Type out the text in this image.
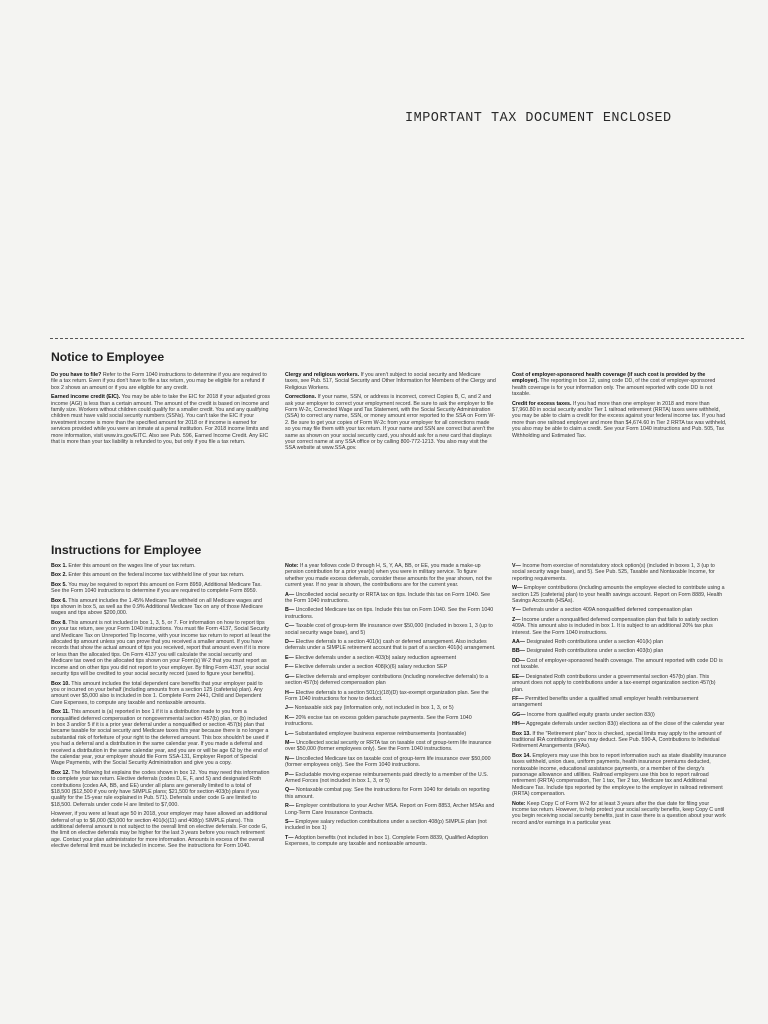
IMPORTANT TAX DOCUMENT ENCLOSED
Notice to Employee

Do you have to file? Refer to the Form 1040 instructions to determine if you are required to file a tax return. Even if you don't have to file a tax return, you may be eligible for a refund if box 2 shows an amount or if you are eligible for any credit.

Earned income credit (EIC). You may be able to take the EIC for 2018 if your adjusted gross income (AGI) is less than a certain amount. The amount of the credit is based on income and family size. Workers without children could qualify for a smaller credit. You and any qualifying children must have valid social security numbers (SSNs). You can't take the EIC if your investment income is more than the specified amount for 2018 or if income is earned for services provided while you were an inmate at a penal institution. For 2018 income limits and more information, visit www.irs.gov/EITC. Also see Pub. 596, Earned Income Credit. Any EIC that is more than your tax liability is refunded to you, but only if you file a tax return.

Clergy and religious workers. If you aren't subject to social security and Medicare taxes, see Pub. 517, Social Security and Other Information for Members of the Clergy and Religious Workers.

Corrections. If your name, SSN, or address is incorrect, correct Copies B, C, and 2 and ask your employer to correct your employment record. Be sure to ask the employer to file Form W-2c, Corrected Wage and Tax Statement, with the Social Security Administration (SSA) to correct any name, SSN, or money amount error reported to the SSA on Form W-2. Be sure to get your copies of Form W-2c from your employer for all corrections made so you may file them with your tax return. If your name and SSN are correct but aren't the same as shown on your social security card, you should ask for a new card that displays your correct name at any SSA office or by calling 800-772-1213. You also may visit the SSA website at www.SSA.gov.

Cost of employer-sponsored health coverage (if such cost is provided by the employer). The reporting in box 12, using code DD, of the cost of employer-sponsored health coverage is for your information only. The amount reported with code DD is not taxable.

Credit for excess taxes. If you had more than one employer in 2018 and more than $7,960.80 in social security and/or Tier 1 railroad retirement (RRTA) taxes were withheld, you may be able to claim a credit for the excess against your federal income tax. If you had more than one railroad employer and more than $4,674.60 in Tier 2 RRTA tax was withheld, you also may be able to claim a credit. See your Form 1040 instructions and Pub. 505, Tax Withholding and Estimated Tax.

Instructions for Employee

Box 1. Enter this amount on the wages line of your tax return.

Box 2. Enter this amount on the federal income tax withheld line of your tax return.

Box 5. You may be required to report this amount on Form 8959, Additional Medicare Tax. See the Form 1040 instructions to determine if you are required to complete Form 8959.

Box 6. This amount includes the 1.45% Medicare Tax withheld on all Medicare wages and tips shown in box 5, as well as the 0.9% Additional Medicare Tax on any of those Medicare wages and tips above $200,000.

Box 8. This amount is not included in box 1, 3, 5, or 7. For information on how to report tips on your tax return, see your Form 1040 instructions. You must file Form 4137, Social Security and Medicare Tax on Unreported Tip Income, with your income tax return to report at least the allocated tip amount unless you can prove that you received a smaller amount. If you have records that show the actual amount of tips you received, report that amount even if it is more or less than the allocated tips. On Form 4137 you will calculate the social security and Medicare tax owed on the allocated tips shown on your Form(s) W-2 that you must report as income and on other tips you did not report to your employer. By filing Form 4137, your social security tips will be credited to your social security record (used to figure your benefits).

Box 10. This amount includes the total dependent care benefits that your employer paid to you or incurred on your behalf (including amounts from a section 125 (cafeteria) plan). Any amount over $5,000 also is included in box 1. Complete Form 2441, Child and Dependent Care Expenses, to compute any taxable and nontaxable amounts.

Box 11. This amount is (a) reported in box 1 if it is a distribution made to you from a nonqualified deferred compensation or nongovernmental section 457(b) plan, or (b) included in box 3 and/or 5 if it is a prior year deferral under a nonqualified or section 457(b) plan that became taxable for social security and Medicare taxes this year because there is no longer a substantial risk of forfeiture of your right to the deferred amount. This box shouldn't be used if you had a deferral and a distribution in the same calendar year. If you made a deferral and received a distribution in the same calendar year, and you are or will be age 62 by the end of the calendar year, your employer should file Form SSA-131, Employer Report of Special Wage Payments, with the Social Security Administration and give you a copy.

Box 12. The following list explains the codes shown in box 12. You may need this information to complete your tax return. Elective deferrals (codes D, E, F, and S) and designated Roth contributions (codes AA, BB, and EE) under all plans are generally limited to a total of $18,500 ($12,500 if you only have SIMPLE plans; $21,500 for section 403(b) plans if you qualify for the 15-year rule explained in Pub. 571). Deferrals under code G are limited to $18,500. Deferrals under code H are limited to $7,000.

However, if you were at least age 50 in 2018, your employer may have allowed an additional deferral of up to $6,000 ($3,000 for section 401(k)(11) and 408(p) SIMPLE plans). This additional deferral amount is not subject to the overall limit on elective deferrals. For code G, the limit on elective deferrals may be higher for the last 3 years before you reach retirement age. Contact your plan administrator for more information. Amounts in excess of the overall elective deferral limit must be included in income. See the instructions for Form 1040.

Note: If a year follows code D through H, S, Y, AA, BB, or EE, you made a make-up pension contribution for a prior year(s) when you were in military service. To figure whether you made excess deferrals, consider these amounts for the year shown, not the current year. If no year is shown, the contributions are for the current year.

A— Uncollected social security or RRTA tax on tips. Include this tax on Form 1040. See the Form 1040 instructions.

B— Uncollected Medicare tax on tips. Include this tax on Form 1040. See the Form 1040 instructions.

C— Taxable cost of group-term life insurance over $50,000 (included in boxes 1, 3 (up to social security wage base), and 5)

D— Elective deferrals to a section 401(k) cash or deferred arrangement. Also includes deferrals under a SIMPLE retirement account that is part of a section 401(k) arrangement.

E— Elective deferrals under a section 403(b) salary reduction agreement

F— Elective deferrals under a section 408(k)(6) salary reduction SEP

G— Elective deferrals and employer contributions (including nonelective deferrals) to a section 457(b) deferred compensation plan

H— Elective deferrals to a section 501(c)(18)(D) tax-exempt organization plan. See the Form 1040 instructions for how to deduct.

J— Nontaxable sick pay (information only, not included in box 1, 3, or 5)

K— 20% excise tax on excess golden parachute payments. See the Form 1040 instructions.

L— Substantiated employee business expense reimbursements (nontaxable)

M— Uncollected social security or RRTA tax on taxable cost of group-term life insurance over $50,000 (former employees only). See the Form 1040 instructions.

N— Uncollected Medicare tax on taxable cost of group-term life insurance over $50,000 (former employees only). See the Form 1040 instructions.

P— Excludable moving expense reimbursements paid directly to a member of the U.S. Armed Forces (not included in box 1, 3, or 5)

Q— Nontaxable combat pay. See the instructions for Form 1040 for details on reporting this amount.

R— Employer contributions to your Archer MSA. Report on Form 8853, Archer MSAs and Long-Term Care Insurance Contracts.

S— Employee salary reduction contributions under a section 408(p) SIMPLE plan (not included in box 1)

T— Adoption benefits (not included in box 1). Complete Form 8839, Qualified Adoption Expenses, to compute any taxable and nontaxable amounts.

V— Income from exercise of nonstatutory stock option(s) (included in boxes 1, 3 (up to social security wage base), and 5). See Pub. 525, Taxable and Nontaxable Income, for reporting requirements.

W— Employer contributions (including amounts the employee elected to contribute using a section 125 (cafeteria) plan) to your health savings account. Report on Form 8889, Health Savings Accounts (HSAs).

Y— Deferrals under a section 409A nonqualified deferred compensation plan

Z— Income under a nonqualified deferred compensation plan that fails to satisfy section 409A. This amount also is included in box 1. It is subject to an additional 20% tax plus interest. See the Form 1040 instructions.

AA— Designated Roth contributions under a section 401(k) plan

BB— Designated Roth contributions under a section 403(b) plan

DD— Cost of employer-sponsored health coverage. The amount reported with code DD is not taxable.

EE— Designated Roth contributions under a governmental section 457(b) plan. This amount does not apply to contributions under a tax-exempt organization section 457(b) plan.

FF— Permitted benefits under a qualified small employer health reimbursement arrangement

GG— Income from qualified equity grants under section 83(i)

HH— Aggregate deferrals under section 83(i) elections as of the close of the calendar year

Box 13. If the "Retirement plan" box is checked, special limits may apply to the amount of traditional IRA contributions you may deduct. See Pub. 590-A, Contributions to Individual Retirement Arrangements (IRAs).

Box 14. Employers may use this box to report information such as state disability insurance taxes withheld, union dues, uniform payments, health insurance premiums deducted, nontaxable income, educational assistance payments, or a member of the clergy's parsonage allowance and utilities. Railroad employers use this box to report railroad retirement (RRTA) compensation, Tier 1 tax, Tier 2 tax, Medicare tax and Additional Medicare Tax. Include tips reported by the employee to the employer in railroad retirement (RRTA) compensation.

Note: Keep Copy C of Form W-2 for at least 3 years after the due date for filing your income tax return. However, to help protect your social security benefits, keep Copy C until you begin receiving social security benefits, just in case there is a question about your work record and/or earnings in a particular year.
